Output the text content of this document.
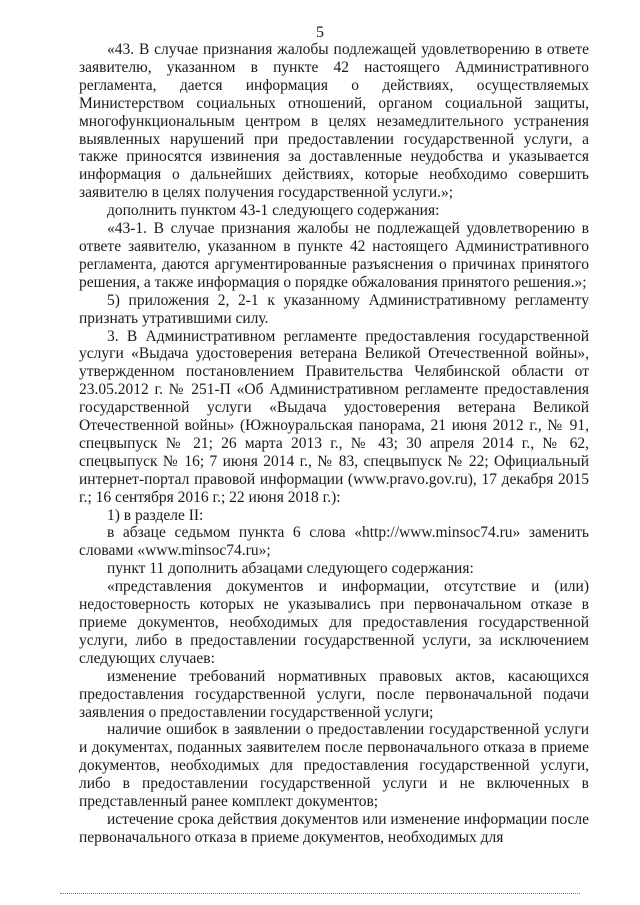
5

«43. В случае признания жалобы подлежащей удовлетворению в ответе заявителю, указанном в пункте 42 настоящего Административного регламента, дается информация о действиях, осуществляемых Министерством социальных отношений, органом социальной защиты, многофункциональным центром в целях незамедлительного устранения выявленных нарушений при предоставлении государственной услуги, а также приносятся извинения за доставленные неудобства и указывается информация о дальнейших действиях, которые необходимо совершить заявителю в целях получения государственной услуги.»;

дополнить пунктом 43-1 следующего содержания:

«43-1. В случае признания жалобы не подлежащей удовлетворению в ответе заявителю, указанном в пункте 42 настоящего Административного регламента, даются аргументированные разъяснения о причинах принятого решения, а также информация о порядке обжалования принятого решения.»;

5) приложения 2, 2-1 к указанному Административному регламенту признать утратившими силу.

3. В Административном регламенте предоставления государственной услуги «Выдача удостоверения ветерана Великой Отечественной войны», утвержденном постановлением Правительства Челябинской области от 23.05.2012 г. № 251-П «Об Административном регламенте предоставления государственной услуги «Выдача удостоверения ветерана Великой Отечественной войны» (Южноуральская панорама, 21 июня 2012 г., № 91, спецвыпуск № 21; 26 марта 2013 г., № 43; 30 апреля 2014 г., № 62, спецвыпуск № 16; 7 июня 2014 г., № 83, спецвыпуск № 22; Официальный интернет-портал правовой информации (www.pravo.gov.ru), 17 декабря 2015 г.; 16 сентября 2016 г.; 22 июня 2018 г.):

1) в разделе II:

в абзаце седьмом пункта 6 слова «http://www.minsoc74.ru» заменить словами «www.minsoc74.ru»;

пункт 11 дополнить абзацами следующего содержания:

«представления документов и информации, отсутствие и (или) недостоверность которых не указывались при первоначальном отказе в приеме документов, необходимых для предоставления государственной услуги, либо в предоставлении государственной услуги, за исключением следующих случаев:

изменение требований нормативных правовых актов, касающихся предоставления государственной услуги, после первоначальной подачи заявления о предоставлении государственной услуги;

наличие ошибок в заявлении о предоставлении государственной услуги и документах, поданных заявителем после первоначального отказа в приеме документов, необходимых для предоставления государственной услуги, либо в предоставлении государственной услуги и не включенных в представленный ранее комплект документов;

истечение срока действия документов или изменение информации после первоначального отказа в приеме документов, необходимых для
